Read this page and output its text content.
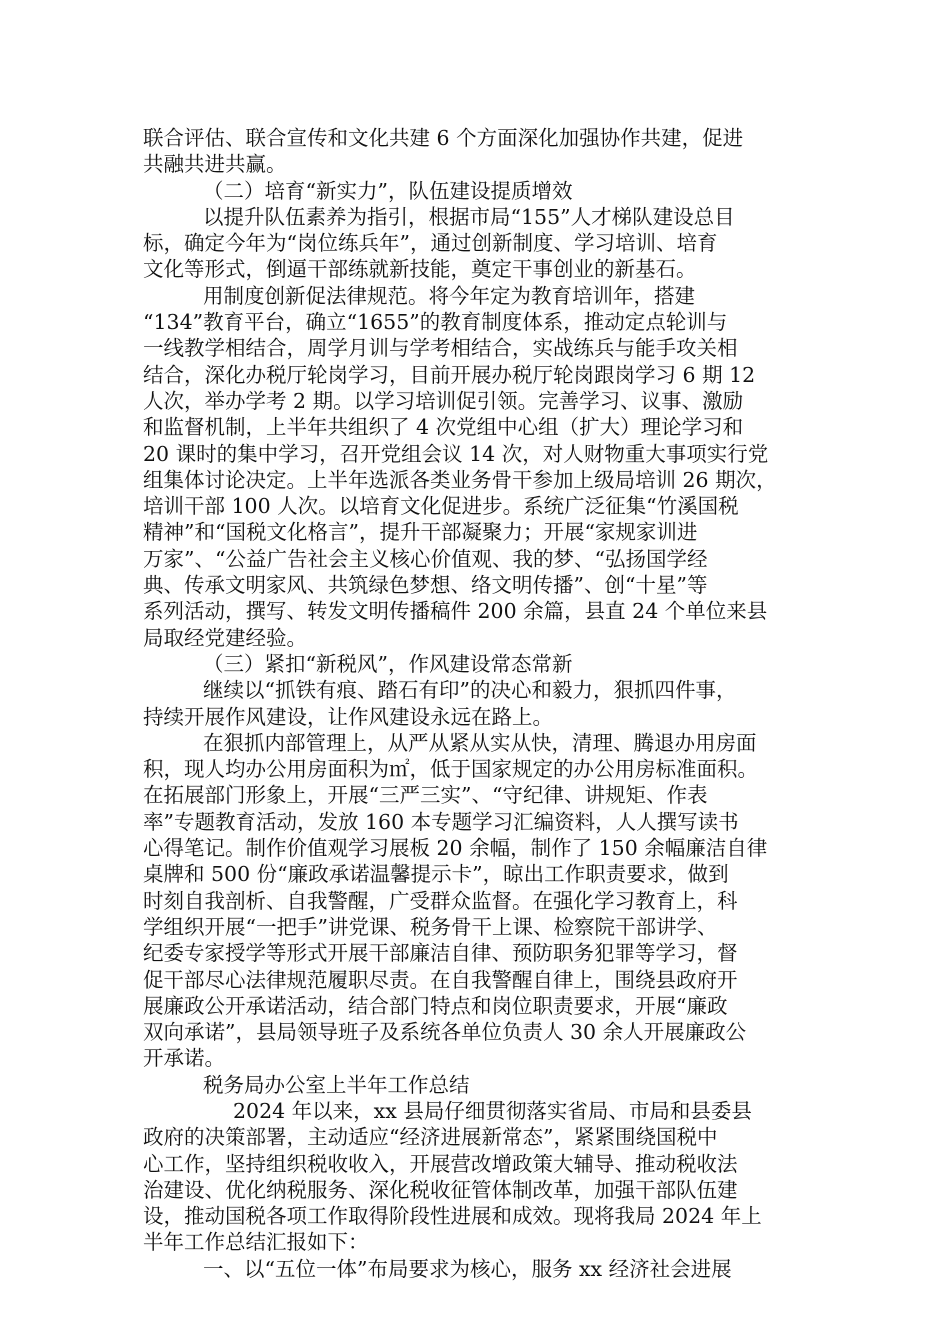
联合评估、联合宣传和文化共建 6 个方面深化加强协作共建，促进
共融共进共赢。
（二）培育“新实力”，队伍建设提质增效
以提升队伍素养为指引，根据市局“155”人才梯队建设总目
标，确定今年为“岗位练兵年”，通过创新制度、学习培训、培育
文化等形式，倒逼干部练就新技能，奠定干事创业的新基石。
用制度创新促法律规范。将今年定为教育培训年，搭建
“134”教育平台，确立“1655”的教育制度体系，推动定点轮训与
一线教学相结合，周学月训与学考相结合，实战练兵与能手攻关相
结合，深化办税厅轮岗学习，目前开展办税厅轮岗跟岗学习 6 期 12
人次，举办学考 2 期。以学习培训促引领。完善学习、议事、激励
和监督机制，上半年共组织了 4 次党组中心组（扩大）理论学习和
20 课时的集中学习，召开党组会议 14 次，对人财物重大事项实行党
组集体讨论决定。上半年选派各类业务骨干参加上级局培训 26 期次，
培训干部 100 人次。以培育文化促进步。系统广泛征集“竹溪国税
精神”和“国税文化格言”，提升干部凝聚力；开展“家规家训进
万家”、“公益广告社会主义核心价值观、我的梦、“弘扬国学经
典、传承文明家风、共筑绿色梦想、络文明传播”、创“十星”等
系列活动，撰写、转发文明传播稿件 200 余篇，县直 24 个单位来县
局取经党建经验。
（三）紧扣“新税风”，作风建设常态常新
继续以“抓铁有痕、踏石有印”的决心和毅力，狠抓四件事，
持续开展作风建设，让作风建设永远在路上。
在狠抓内部管理上，从严从紧从实从快，清理、腾退办用房面
积，现人均办公用房面积为㎡，低于国家规定的办公用房标准面积。
在拓展部门形象上，开展“三严三实”、“守纪律、讲规矩、作表
率”专题教育活动，发放 160 本专题学习汇编资料，人人撰写读书
心得笔记。制作价值观学习展板 20 余幅，制作了 150 余幅廉洁自律
桌牌和 500 份“廉政承诺温馨提示卡”，晾出工作职责要求，做到
时刻自我剖析、自我警醒，广受群众监督。在强化学习教育上，科
学组织开展“一把手”讲党课、税务骨干上课、检察院干部讲学、
纪委专家授学等形式开展干部廉洁自律、预防职务犯罪等学习，督
促干部尽心法律规范履职尽责。在自我警醒自律上，围绕县政府开
展廉政公开承诺活动，结合部门特点和岗位职责要求，开展“廉政
双向承诺”，县局领导班子及系统各单位负责人 30 余人开展廉政公
开承诺。
税务局办公室上半年工作总结
2024 年以来，xx 县局仔细贯彻落实省局、市局和县委县
政府的决策部署，主动适应“经济进展新常态”，紧紧围绕国税中
心工作，坚持组织税收收入，开展营改增政策大辅导、推动税收法
治建设、优化纳税服务、深化税收征管体制改革，加强干部队伍建
设，推动国税各项工作取得阶段性进展和成效。现将我局 2024 年上
半年工作总结汇报如下：
一、以“五位一体”布局要求为核心，服务 xx 经济社会进展
